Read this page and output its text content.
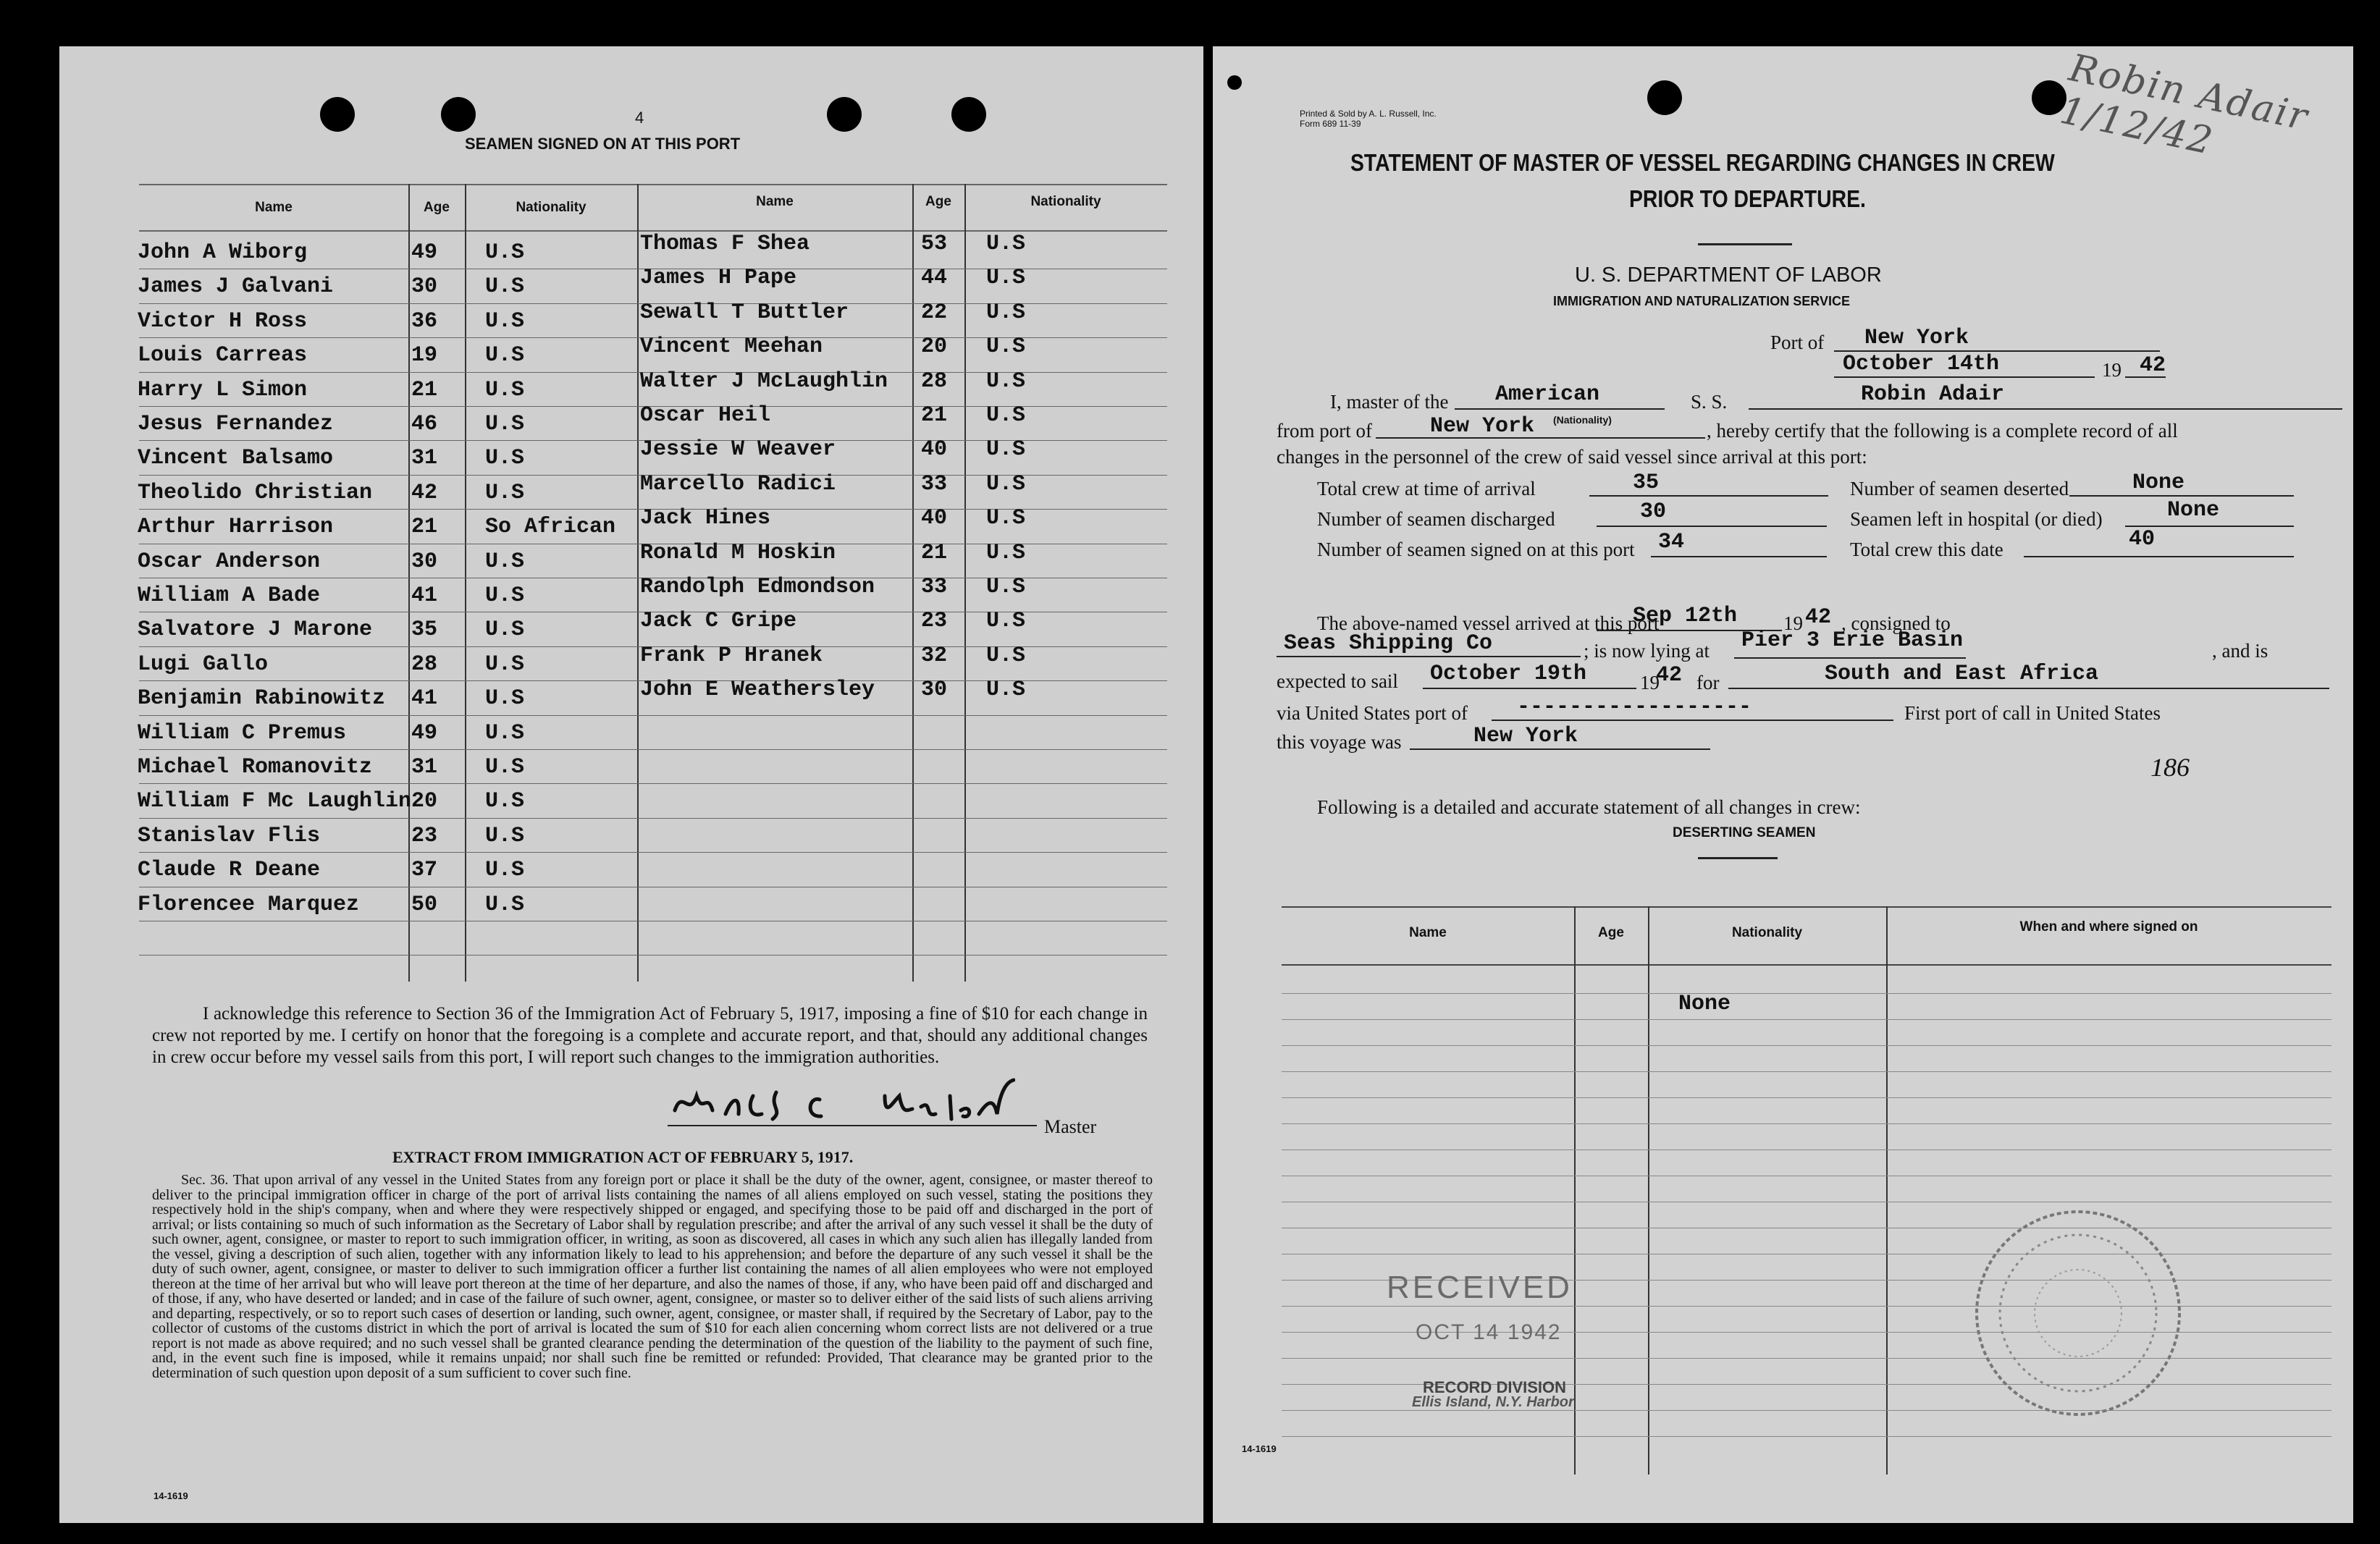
4
SEAMEN SIGNED ON AT THIS PORT
Name	Age	Nationality	Name	Age	Nationality
John A Wiborg	49 U.S
James J Galvani	30 U.S
Victor H Ross	36 U.S
Louis Carreas	19 U.S
Harry L Simon	21 U.S
Jesus Fernandez	46 U.S
Vincent Balsamo	31 U.S
Theolido Christian 42 U.S
Arthur Harrison	21 So African
Oscar Anderson	30 U.S
William A Bade	41 U.S
Salvatore J Marone 35 U.S
Lugi Gallo	28 U.S
Benjamin Rabinowitz 41 U.S
William C Premus	49 U.S
Michael Romanovitz 31 U.S
William F Mc Laughlin 20 U.S
Stanislav Flis	23 U.S
Claude R Deane	37 U.S
Florencee Marquez 50 U.S
Thomas F Shea	53 U.S
James H Pape	44 U.S
Sewall T Buttler	22 U.S
Vincent Meehan	20 U.S
Walter J McLaughlin 28 U.S
Oscar Heil	21 U.S
Jessie W Weaver	40 U.S
Marcello Radici	33 U.S
Jack Hines	40 U.S
Ronald M Hoskin	21 U.S
Randolph Edmondson 33 U.S
Jack C Gripe	23 U.S
Frank P Hranek	32 U.S
John E Weathersley 30 U.S
I acknowledge this reference to Section 36 of the Immigration Act of February 5, 1917, imposing a fine of $10 for each change in crew not reported by me. I certify on honor that the foregoing is a complete and accurate report, and that, should any additional changes in crew occur before my vessel sails from this port, I will report such changes to the immigration authorities.
Master
EXTRACT FROM IMMIGRATION ACT OF FEBRUARY 5, 1917.
Sec. 36. That upon arrival of any vessel in the United States from any foreign port or place it shall be the duty of the owner, agent, consignee, or master thereof to deliver to the principal immigration officer in charge of the port of arrival lists containing the names of all aliens employed on such vessel, stating the positions they respectively hold in the ship's company, when and where they were respectively shipped or engaged, and specifying those to be paid off and discharged in the port of arrival; or lists containing so much of such information as the Secretary of Labor shall by regulation prescribe; and after the arrival of any such vessel it shall be the duty of such owner, agent, consignee, or master to report to such immigration officer, in writing, as soon as discovered, all cases in which any such alien has illegally landed from the vessel, giving a description of such alien, together with any information likely to lead to his apprehension; and before the departure of any such vessel it shall be the duty of such owner, agent, consignee, or master to deliver to such immigration officer a further list containing the names of all alien employees who were not employed thereon at the time of her arrival but who will leave port thereon at the time of her departure, and also the names of those, if any, who have been paid off and discharged and of those, if any, who have deserted or landed; and in case of the failure of such owner, agent, consignee, or master so to deliver either of the said lists of such aliens arriving and departing, respectively, or so to report such cases of desertion or landing, such owner, agent, consignee, or master shall, if required by the Secretary of Labor, pay to the collector of customs of the customs district in which the port of arrival is located the sum of $10 for each alien concerning whom correct lists are not delivered or a true report is not made as above required; and no such vessel shall be granted clearance pending the determination of the question of the liability to the payment of such fine, and, in the event such fine is imposed, while it remains unpaid; nor shall such fine be remitted or refunded: Provided, That clearance may be granted prior to the determination of such question upon deposit of a sum sufficient to cover such fine.
14-1619
Robin Adair 1/12/42
Printed & Sold by A. L. Russell, Inc.
Form 689 11-39
STATEMENT OF MASTER OF VESSEL REGARDING CHANGES IN CREW
PRIOR TO DEPARTURE.
U. S. DEPARTMENT OF LABOR
IMMIGRATION AND NATURALIZATION SERVICE
Port of New York
October 14th	19 42
I, master of the American	S. S.	Robin Adair
from port of	New York (Nationality)	, hereby certify that the following is a complete record of all
changes in the personnel of the crew of said vessel since arrival at this port:
Total crew at time of arrival	35	Number of seamen deserted	None
Number of seamen discharged	30	Seamen left in hospital (or died)	None
Number of seamen signed on at this port 34	Total crew this date	40
The above-named vessel arrived at this port
Sep 12th 19 42 , consigned to
Seas Shipping Co	; is now lying at Pier 3 Erie Basin	, and is
expected to sail October 19th	19
42 for	South and East Africa
via United States port of ------------------	First port of call in United States
this voyage was	New York
186
Following is a detailed and accurate statement of all changes in crew:
DESERTING SEAMEN
Name	Age	Nationality	When and where signed on
None
RECEIVED
OCT 14 1942
RECORD DIVISION
Ellis Island, N.Y. Harbor
14-1619
